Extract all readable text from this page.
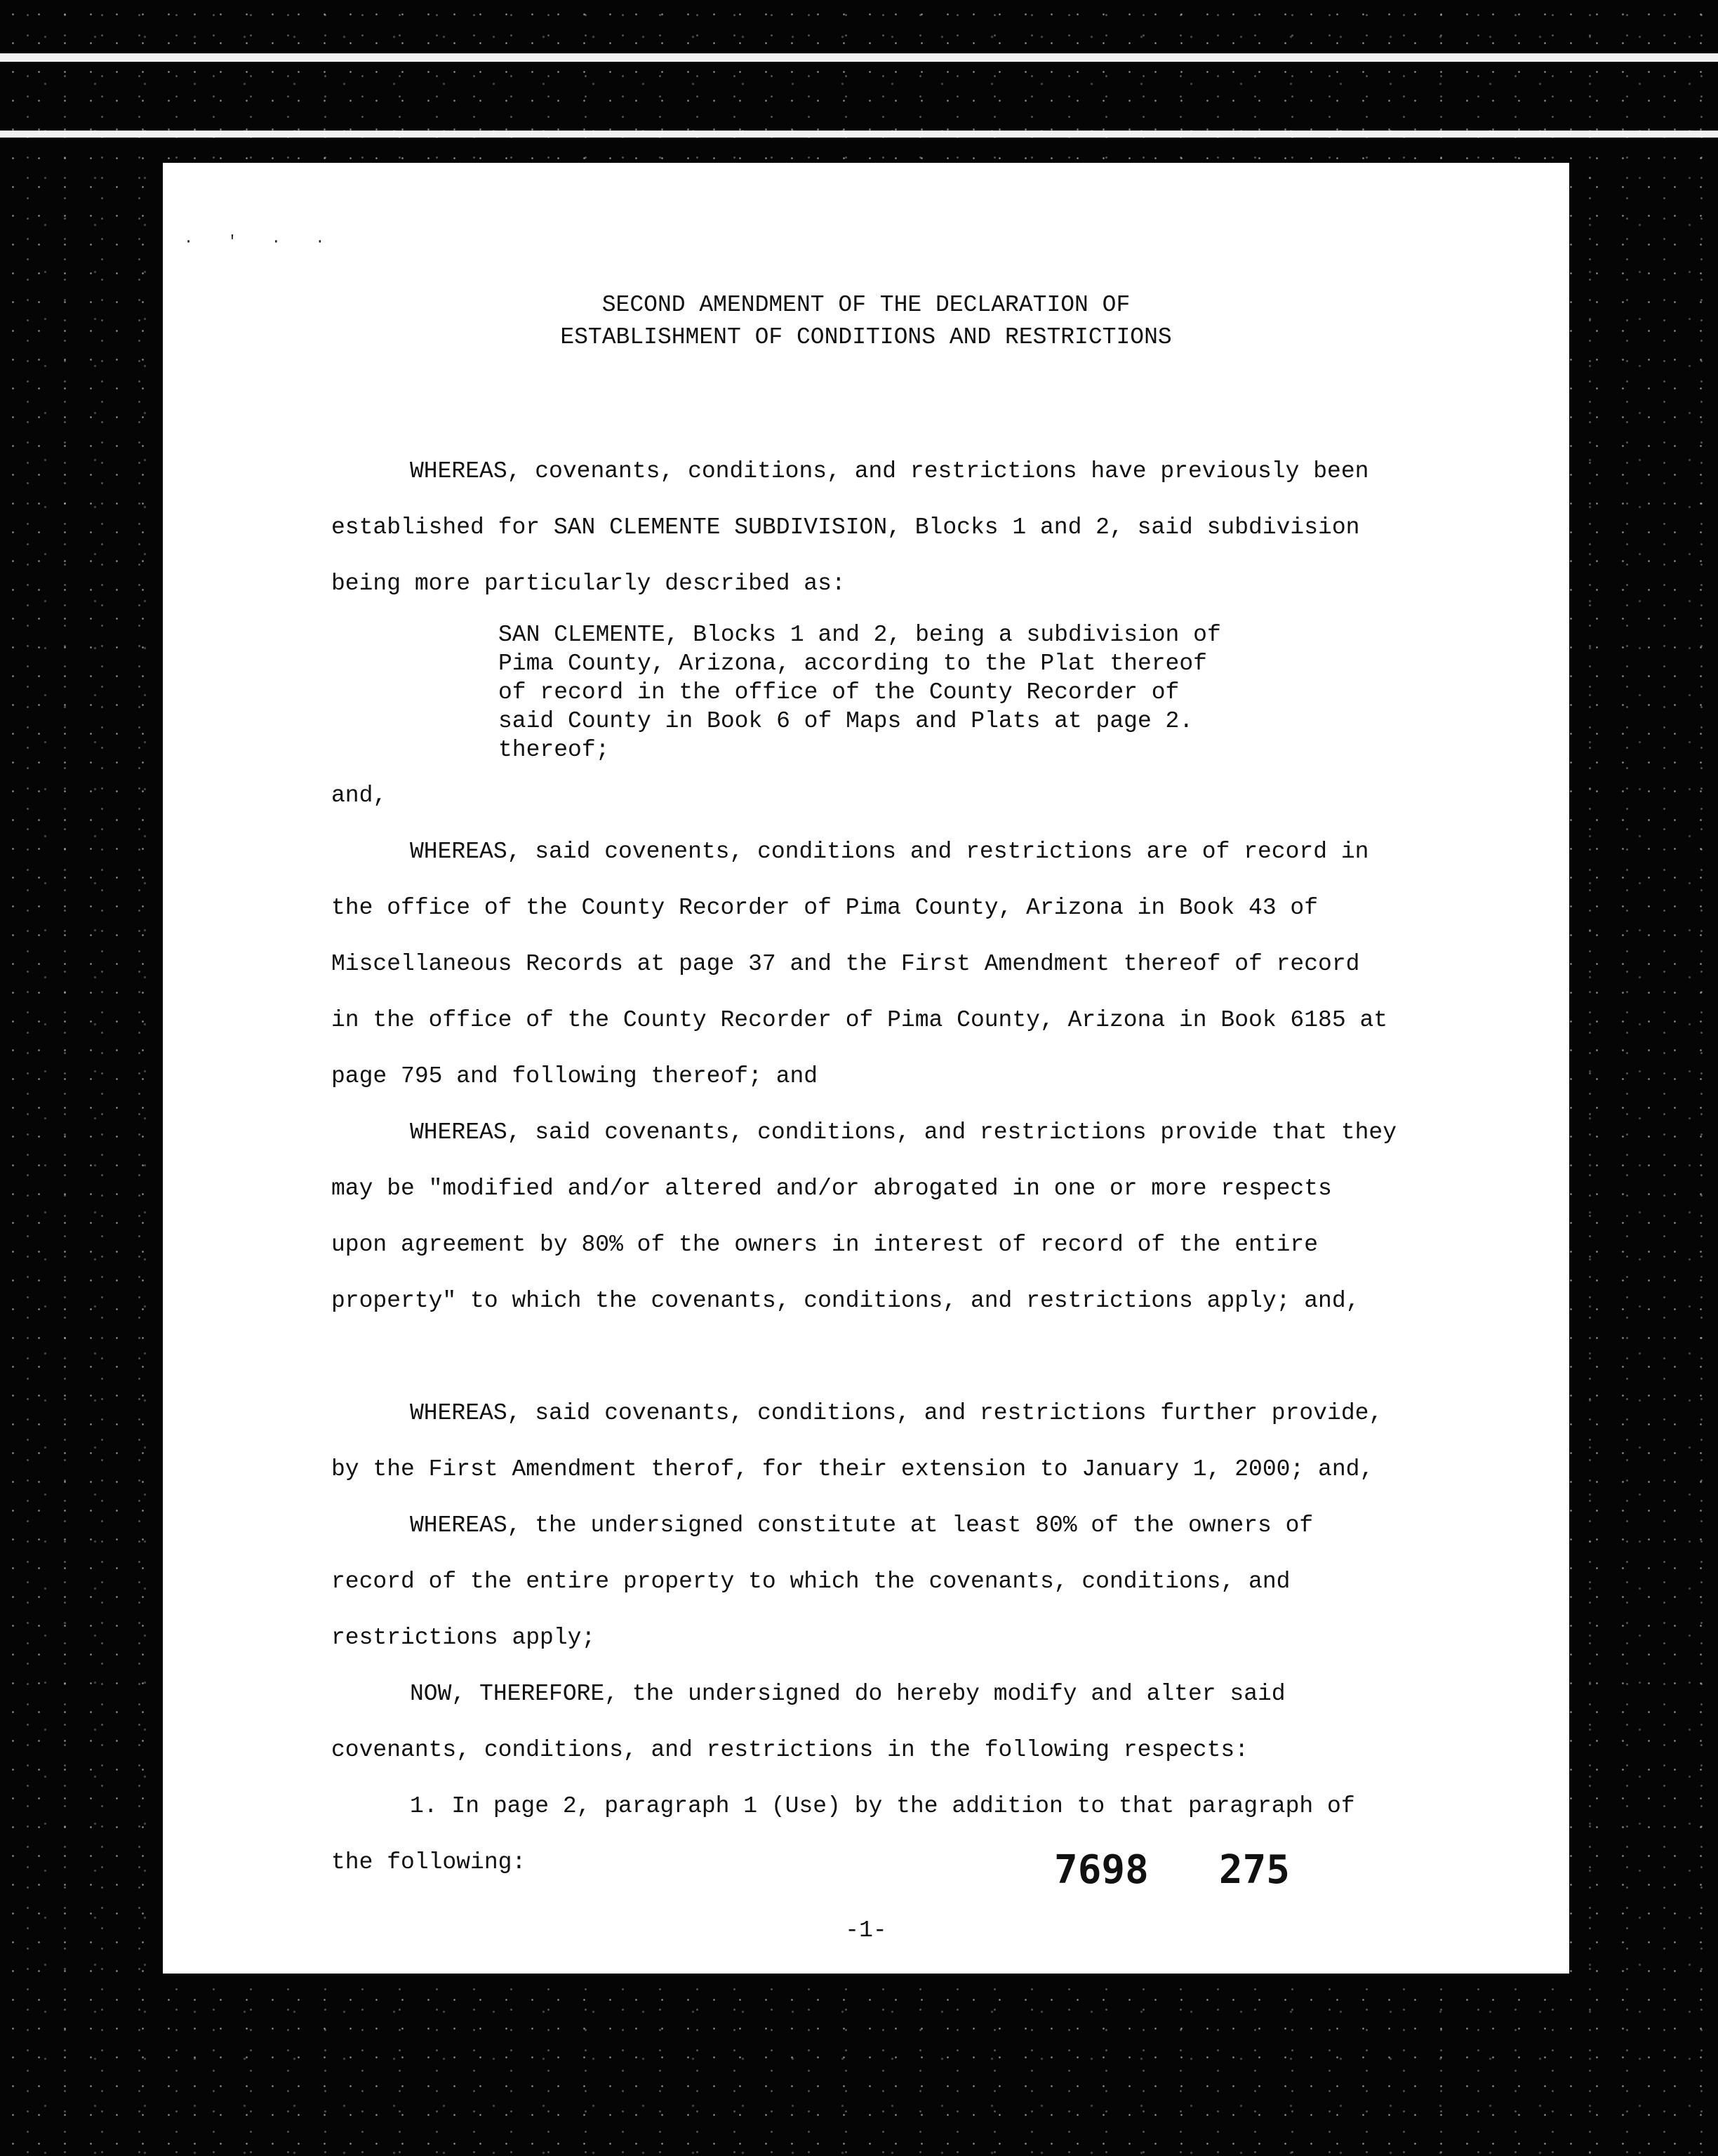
· ' · ·
SECOND AMENDMENT OF THE DECLARATION OF
ESTABLISHMENT OF CONDITIONS AND RESTRICTIONS

WHEREAS, covenants, conditions, and restrictions have previously been established for SAN CLEMENTE SUBDIVISION, Blocks 1 and 2, said subdivision being more particularly described as:

SAN CLEMENTE, Blocks 1 and 2, being a subdivision of Pima County, Arizona, according to the Plat thereof of record in the office of the County Recorder of said County in Book 6 of Maps and Plats at page 2. thereof;

and,

WHEREAS, said covenents, conditions and restrictions are of record in the office of the County Recorder of Pima County, Arizona in Book 43 of Miscellaneous Records at page 37 and the First Amendment thereof of record in the office of the County Recorder of Pima County, Arizona in Book 6185 at page 795 and following thereof; and

WHEREAS, said covenants, conditions, and restrictions provide that they may be "modified and/or altered and/or abrogated in one or more respects upon agreement by 80% of the owners in interest of record of the entire property" to which the covenants, conditions, and restrictions apply; and,

WHEREAS, said covenants, conditions, and restrictions further provide, by the First Amendment therof, for their extension to January 1, 2000; and,

WHEREAS, the undersigned constitute at least 80% of the owners of record of the entire property to which the covenants, conditions, and restrictions apply;

NOW, THEREFORE, the undersigned do hereby modify and alter said covenants, conditions, and restrictions in the following respects:

1. In page 2, paragraph 1 (Use) by the addition to that paragraph of the following:	7698 275
-1-
